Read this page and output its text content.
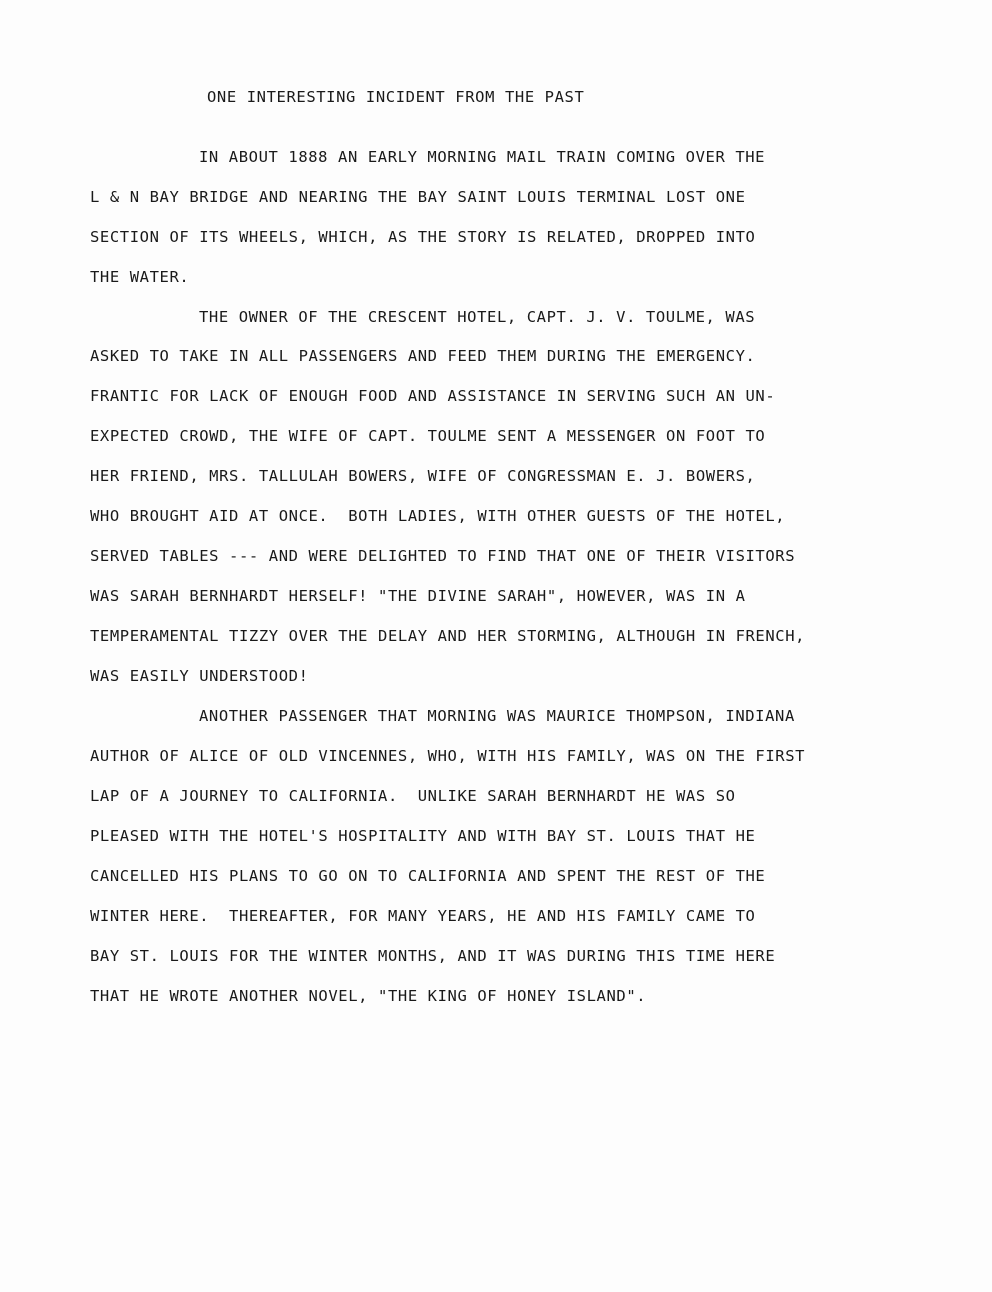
ONE INTERESTING INCIDENT FROM THE PAST

IN ABOUT 1888 AN EARLY MORNING MAIL TRAIN COMING OVER THE

L & N BAY BRIDGE AND NEARING THE BAY SAINT LOUIS TERMINAL LOST ONE

SECTION OF ITS WHEELS, WHICH, AS THE STORY IS RELATED, DROPPED INTO

THE WATER.

THE OWNER OF THE CRESCENT HOTEL, CAPT. J. V. TOULME, WAS

ASKED TO TAKE IN ALL PASSENGERS AND FEED THEM DURING THE EMERGENCY.

FRANTIC FOR LACK OF ENOUGH FOOD AND ASSISTANCE IN SERVING SUCH AN UN-

EXPECTED CROWD, THE WIFE OF CAPT. TOULME SENT A MESSENGER ON FOOT TO

HER FRIEND, MRS. TALLULAH BOWERS, WIFE OF CONGRESSMAN E. J. BOWERS,

WHO BROUGHT AID AT ONCE.  BOTH LADIES, WITH OTHER GUESTS OF THE HOTEL,

SERVED TABLES --- AND WERE DELIGHTED TO FIND THAT ONE OF THEIR VISITORS

WAS SARAH BERNHARDT HERSELF! "THE DIVINE SARAH", HOWEVER, WAS IN A

TEMPERAMENTAL TIZZY OVER THE DELAY AND HER STORMING, ALTHOUGH IN FRENCH,

WAS EASILY UNDERSTOOD!

ANOTHER PASSENGER THAT MORNING WAS MAURICE THOMPSON, INDIANA

AUTHOR OF ALICE OF OLD VINCENNES, WHO, WITH HIS FAMILY, WAS ON THE FIRST

LAP OF A JOURNEY TO CALIFORNIA.  UNLIKE SARAH BERNHARDT HE WAS SO

PLEASED WITH THE HOTEL'S HOSPITALITY AND WITH BAY ST. LOUIS THAT HE

CANCELLED HIS PLANS TO GO ON TO CALIFORNIA AND SPENT THE REST OF THE

WINTER HERE.  THEREAFTER, FOR MANY YEARS, HE AND HIS FAMILY CAME TO

BAY ST. LOUIS FOR THE WINTER MONTHS, AND IT WAS DURING THIS TIME HERE

THAT HE WROTE ANOTHER NOVEL, "THE KING OF HONEY ISLAND".
